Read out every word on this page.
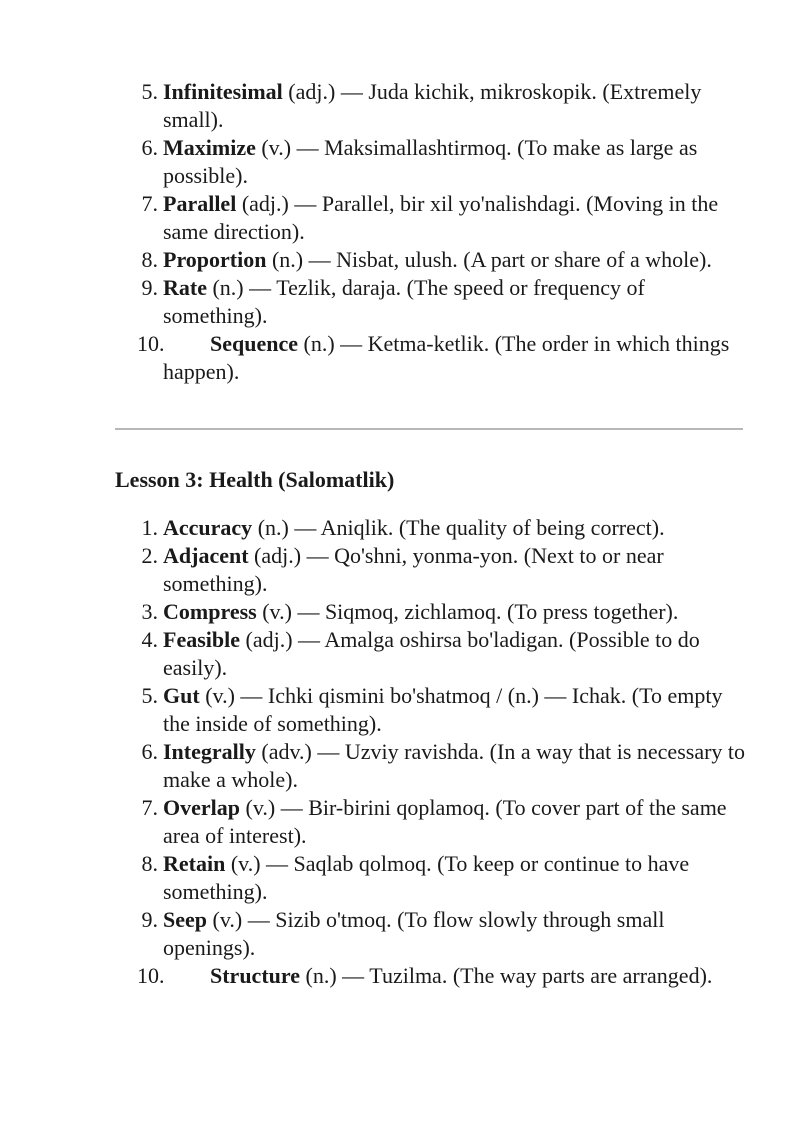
5. Infinitesimal (adj.) — Juda kichik, mikroskopik. (Extremely small).
6. Maximize (v.) — Maksimallashtirmoq. (To make as large as possible).
7. Parallel (adj.) — Parallel, bir xil yo'nalishdagi. (Moving in the same direction).
8. Proportion (n.) — Nisbat, ulush. (A part or share of a whole).
9. Rate (n.) — Tezlik, daraja. (The speed or frequency of something).
10. Sequence (n.) — Ketma-ketlik. (The order in which things happen).
Lesson 3: Health (Salomatlik)
1. Accuracy (n.) — Aniqlik. (The quality of being correct).
2. Adjacent (adj.) — Qo'shni, yonma-yon. (Next to or near something).
3. Compress (v.) — Siqmoq, zichlamoq. (To press together).
4. Feasible (adj.) — Amalga oshirsa bo'ladigan. (Possible to do easily).
5. Gut (v.) — Ichki qismini bo'shatmoq / (n.) — Ichak. (To empty the inside of something).
6. Integrally (adv.) — Uzviy ravishda. (In a way that is necessary to make a whole).
7. Overlap (v.) — Bir-birini qoplamoq. (To cover part of the same area of interest).
8. Retain (v.) — Saqlab qolmoq. (To keep or continue to have something).
9. Seep (v.) — Sizib o'tmoq. (To flow slowly through small openings).
10. Structure (n.) — Tuzilma. (The way parts are arranged).
